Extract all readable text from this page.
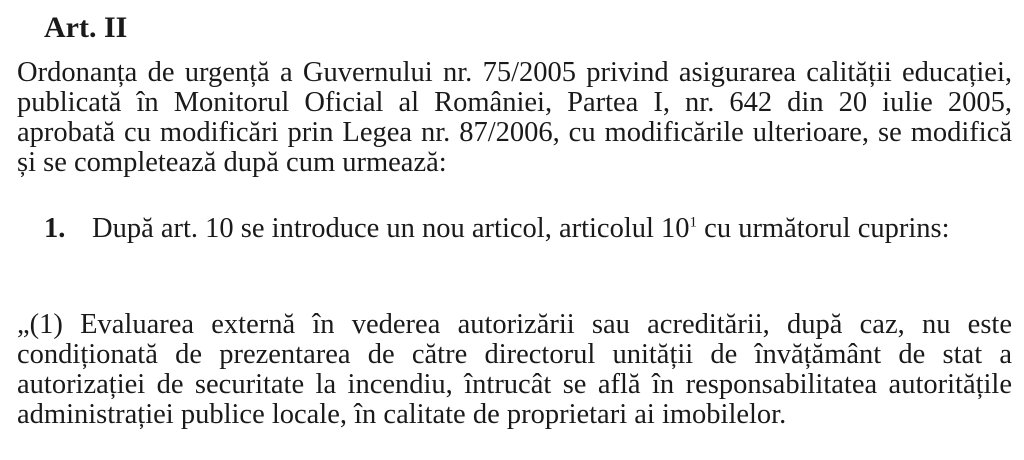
Art. II

Ordonanța de urgență a Guvernului nr. 75/2005 privind asigurarea calității educației, publicată în Monitorul Oficial al României, Partea I, nr. 642 din 20 iulie 2005, aprobată cu modificări prin Legea nr. 87/2006, cu modificările ulterioare, se modifică și se completează după cum urmează:

1. După art. 10 se introduce un nou articol, articolul $10^1$ cu următorul cuprins:

„(1) Evaluarea externă în vederea autorizării sau acreditării, după caz, nu este condiționată de prezentarea de către directorul unității de învățământ de stat a autorizației de securitate la incendiu, întrucât se află în responsabilitatea autoritățile administrației publice locale, în calitate de proprietari ai imobilelor.
